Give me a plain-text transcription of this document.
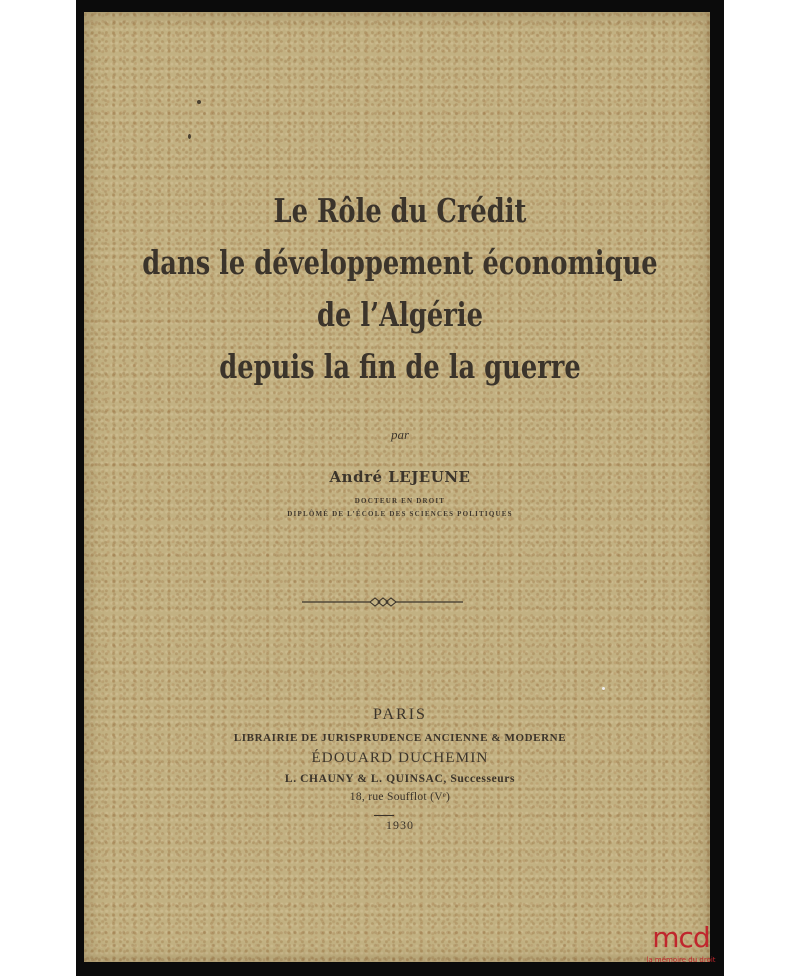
Le Rôle du Crédit
dans le développement économique
de l’Algérie
depuis la fin de la guerre
par
André LEJEUNE
DOCTEUR EN DROIT
DIPLÔMÉ DE L’ÉCOLE DES SCIENCES POLITIQUES
PARIS
LIBRAIRIE DE JURISPRUDENCE ANCIENNE & MODERNE
ÉDOUARD DUCHEMIN
L. CHAUNY & L. QUINSAC, Successeurs
18, rue Soufflot (Vᵉ)
1930
mcd
la mémoire du droit
